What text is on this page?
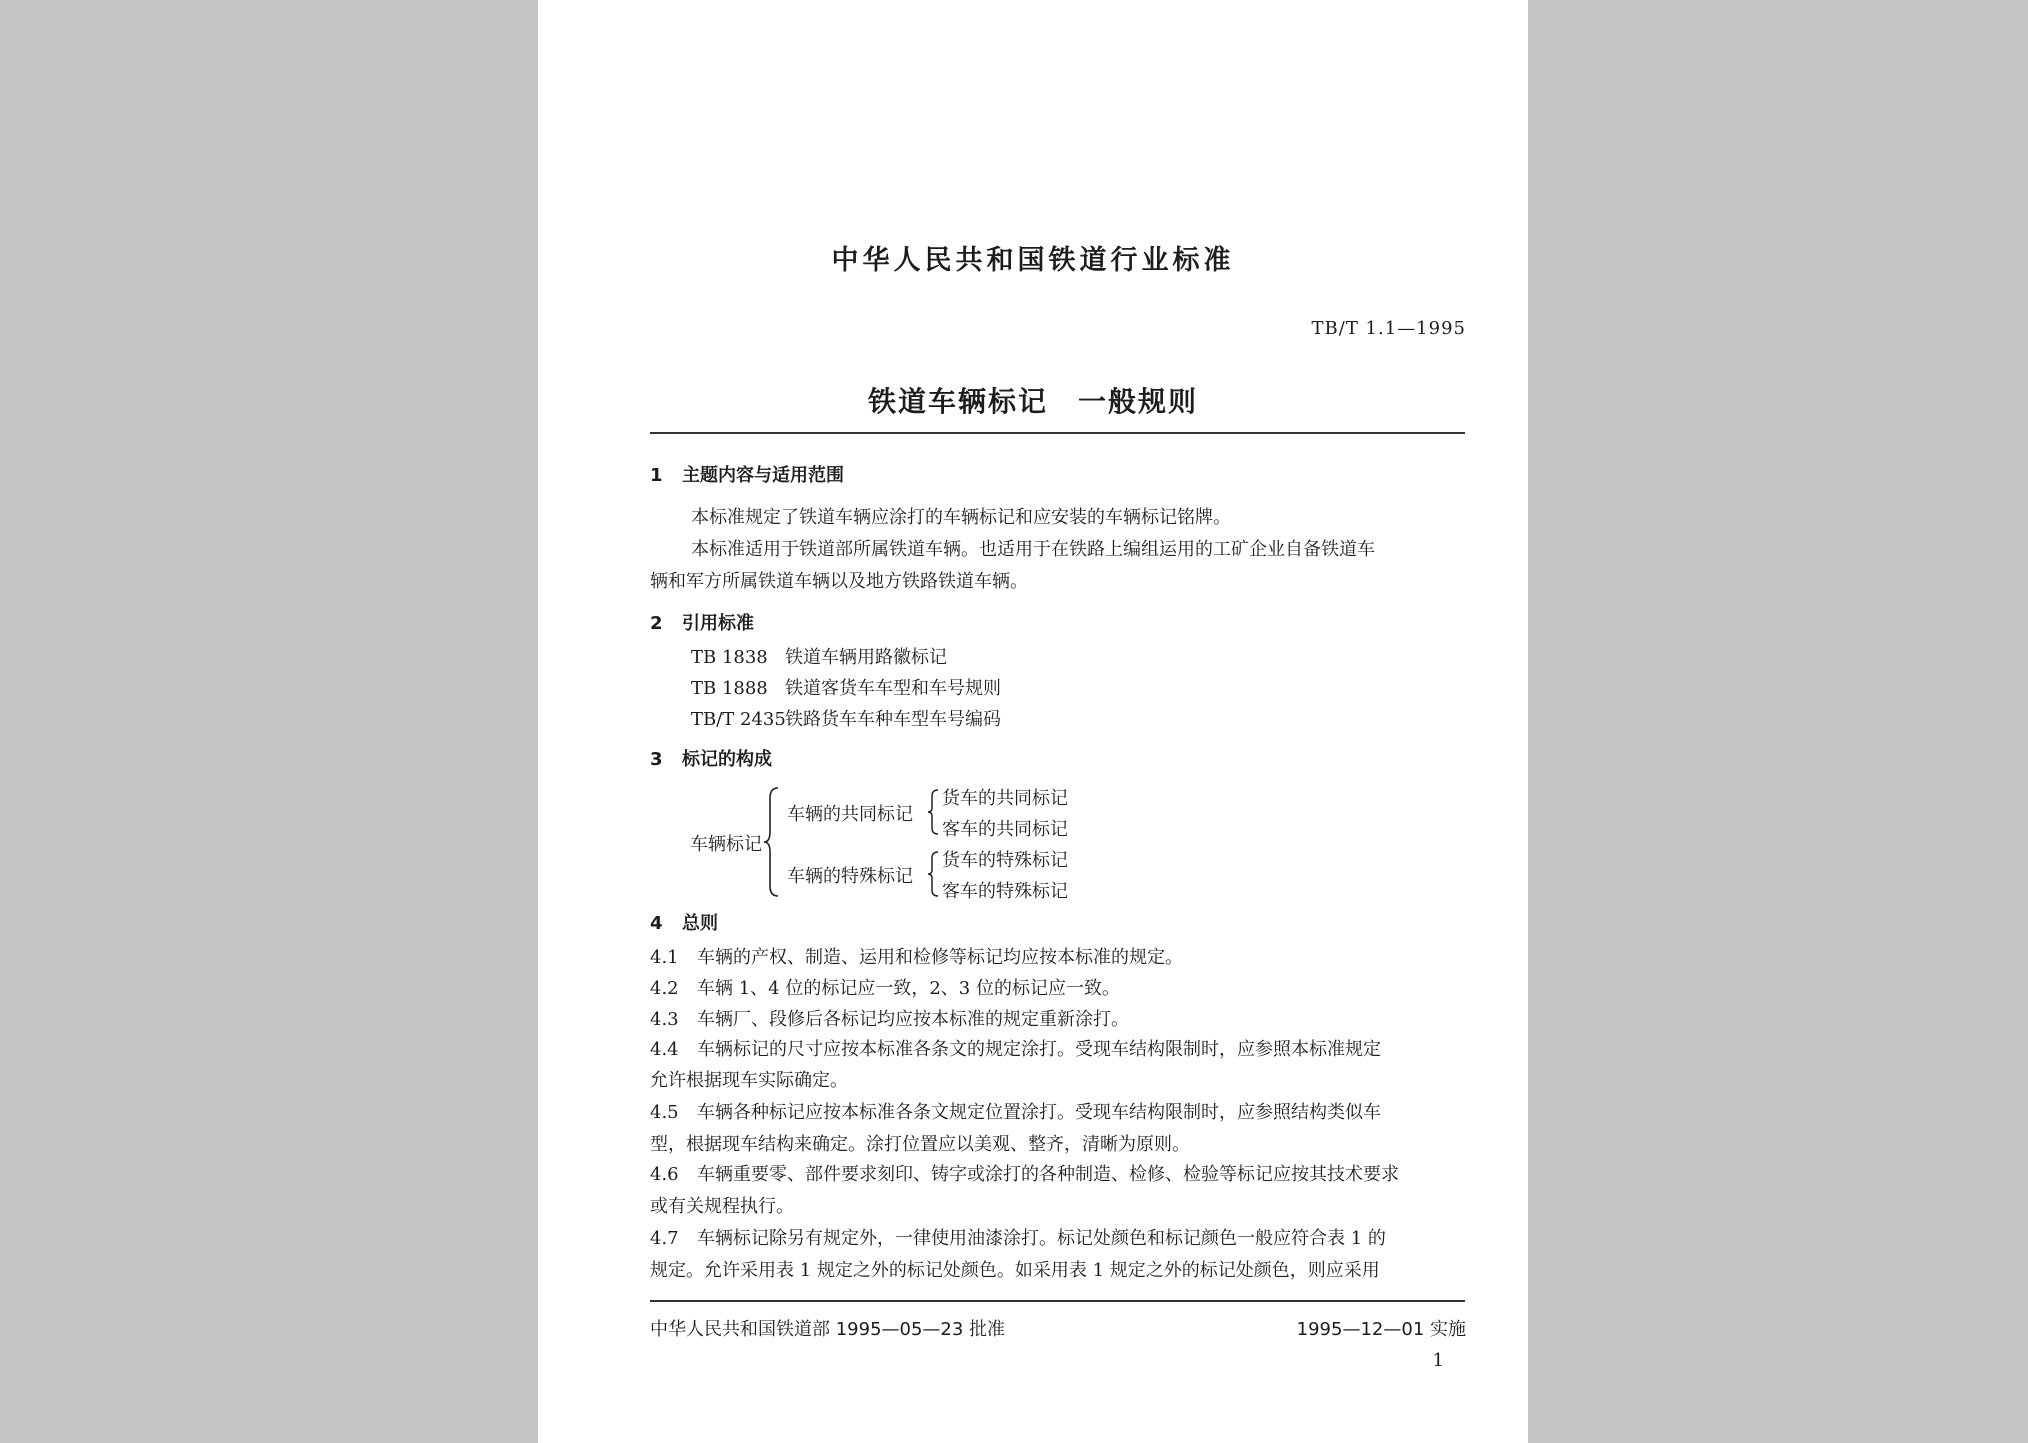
中华人民共和国铁道行业标准
TB/T 1.1—1995
铁道车辆标记　一般规则
1 主题内容与适用范围
本标准规定了铁道车辆应涂打的车辆标记和应安装的车辆标记铭牌。
本标准适用于铁道部所属铁道车辆。也适用于在铁路上编组运用的工矿企业自备铁道车
辆和军方所属铁道车辆以及地方铁路铁道车辆。
2 引用标准
TB 1838 铁道车辆用路徽标记
TB 1888 铁道客货车车型和车号规则
TB/T 2435铁路货车车种车型车号编码
3 标记的构成
车辆标记
车辆的共同标记
货车的共同标记
客车的共同标记
车辆的特殊标记
货车的特殊标记
客车的特殊标记
4 总则
4.1 车辆的产权、制造、运用和检修等标记均应按本标准的规定。
4.2 车辆 1、4 位的标记应一致，2、3 位的标记应一致。
4.3 车辆厂、段修后各标记均应按本标准的规定重新涂打。
4.4 车辆标记的尺寸应按本标准各条文的规定涂打。受现车结构限制时，应参照本标准规定
允许根据现车实际确定。
4.5 车辆各种标记应按本标准各条文规定位置涂打。受现车结构限制时，应参照结构类似车
型，根据现车结构来确定。涂打位置应以美观、整齐，清晰为原则。
4.6 车辆重要零、部件要求刻印、铸字或涂打的各种制造、检修、检验等标记应按其技术要求
或有关规程执行。
4.7 车辆标记除另有规定外，一律使用油漆涂打。标记处颜色和标记颜色一般应符合表 1 的
规定。允许采用表 1 规定之外的标记处颜色。如采用表 1 规定之外的标记处颜色，则应采用
中华人民共和国铁道部 1995—05—23 批准	1995—12—01 实施
1
